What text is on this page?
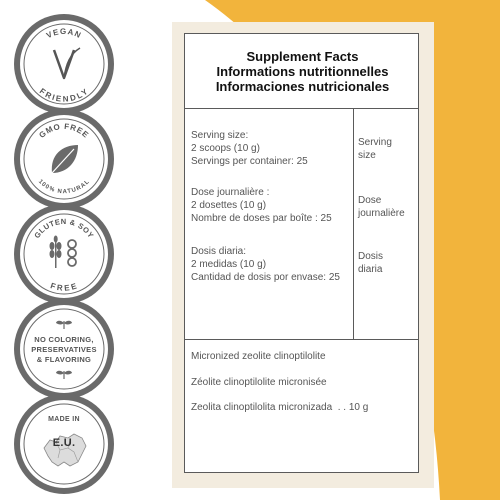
VEGAN
FRIENDLY
GMO FREE
100% NATURAL
GLUTEN & SOY
FREE
NO COLORING,
PRESERVATIVES
& FLAVORING
MADE IN
E.U.
Supplement Facts
Informations nutritionnelles
Informaciones nutricionales
Serving size:
2 scoops (10 g)
Servings per container: 25
Serving
size
Dose journalière :
2 dosettes (10 g)
Nombre de doses par boîte : 25
Dose
journalière
Dosis diaria:
2 medidas (10 g)
Cantidad de dosis por envase: 25
Dosis
diaria
Micronized zeolite clinoptilolite
Zéolite clinoptilolite micronisée
Zeolita clinoptilolita micronizada  . . 10 g
